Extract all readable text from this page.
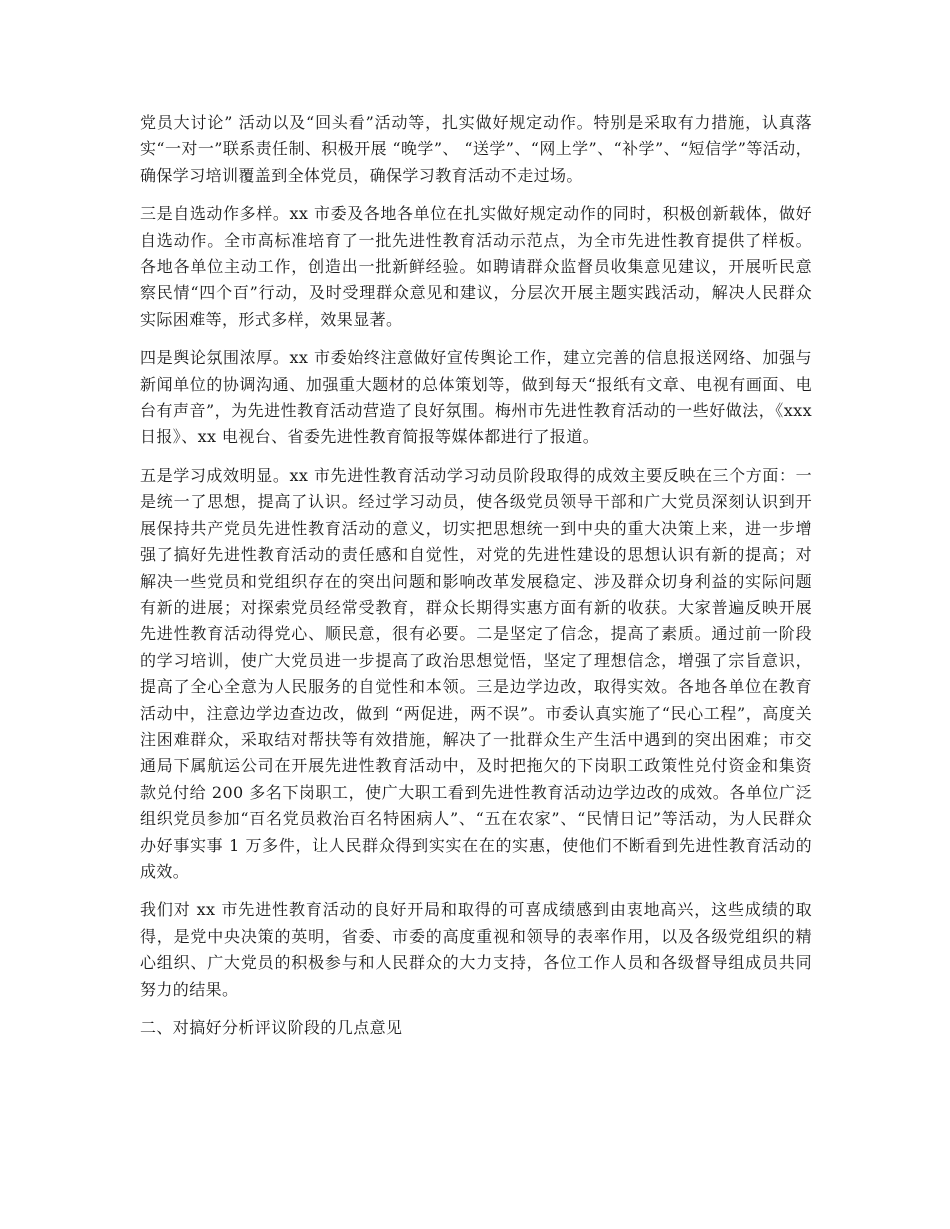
党员大讨论” 活动以及“回头看”活动等，扎实做好规定动作。特别是采取有力措施，认真落实“一对一”联系责任制、积极开展 “晚学”、 “送学”、“网上学”、“补学”、“短信学”等活动，确保学习培训覆盖到全体党员，确保学习教育活动不走过场。

三是自选动作多样。xx 市委及各地各单位在扎实做好规定动作的同时，积极创新载体，做好自选动作。全市高标准培育了一批先进性教育活动示范点，为全市先进性教育提供了样板。各地各单位主动工作，创造出一批新鲜经验。如聘请群众监督员收集意见建议，开展听民意察民情“四个百”行动，及时受理群众意见和建议，分层次开展主题实践活动，解决人民群众实际困难等，形式多样，效果显著。

四是舆论氛围浓厚。xx 市委始终注意做好宣传舆论工作，建立完善的信息报送网络、加强与新闻单位的协调沟通、加强重大题材的总体策划等，做到每天“报纸有文章、电视有画面、电台有声音”，为先进性教育活动营造了良好氛围。梅州市先进性教育活动的一些好做法，《xxx 日报》、xx 电视台、省委先进性教育简报等媒体都进行了报道。

五是学习成效明显。xx 市先进性教育活动学习动员阶段取得的成效主要反映在三个方面：一是统一了思想，提高了认识。经过学习动员，使各级党员领导干部和广大党员深刻认识到开展保持共产党员先进性教育活动的意义，切实把思想统一到中央的重大决策上来，进一步增强了搞好先进性教育活动的责任感和自觉性，对党的先进性建设的思想认识有新的提高；对解决一些党员和党组织存在的突出问题和影响改革发展稳定、涉及群众切身利益的实际问题有新的进展；对探索党员经常受教育，群众长期得实惠方面有新的收获。大家普遍反映开展先进性教育活动得党心、顺民意，很有必要。二是坚定了信念，提高了素质。通过前一阶段的学习培训，使广大党员进一步提高了政治思想觉悟，坚定了理想信念，增强了宗旨意识，提高了全心全意为人民服务的自觉性和本领。三是边学边改，取得实效。各地各单位在教育活动中，注意边学边查边改，做到 “两促进，两不误”。市委认真实施了“民心工程”，高度关注困难群众，采取结对帮扶等有效措施，解决了一批群众生产生活中遇到的突出困难；市交通局下属航运公司在开展先进性教育活动中，及时把拖欠的下岗职工政策性兑付资金和集资款兑付给 200 多名下岗职工，使广大职工看到先进性教育活动边学边改的成效。各单位广泛组织党员参加“百名党员救治百名特困病人”、“五在农家”、“民情日记”等活动，为人民群众办好事实事 1 万多件，让人民群众得到实实在在的实惠，使他们不断看到先进性教育活动的成效。

我们对 xx 市先进性教育活动的良好开局和取得的可喜成绩感到由衷地高兴，这些成绩的取得，是党中央决策的英明，省委、市委的高度重视和领导的表率作用，以及各级党组织的精心组织、广大党员的积极参与和人民群众的大力支持，各位工作人员和各级督导组成员共同努力的结果。

二、对搞好分析评议阶段的几点意见
